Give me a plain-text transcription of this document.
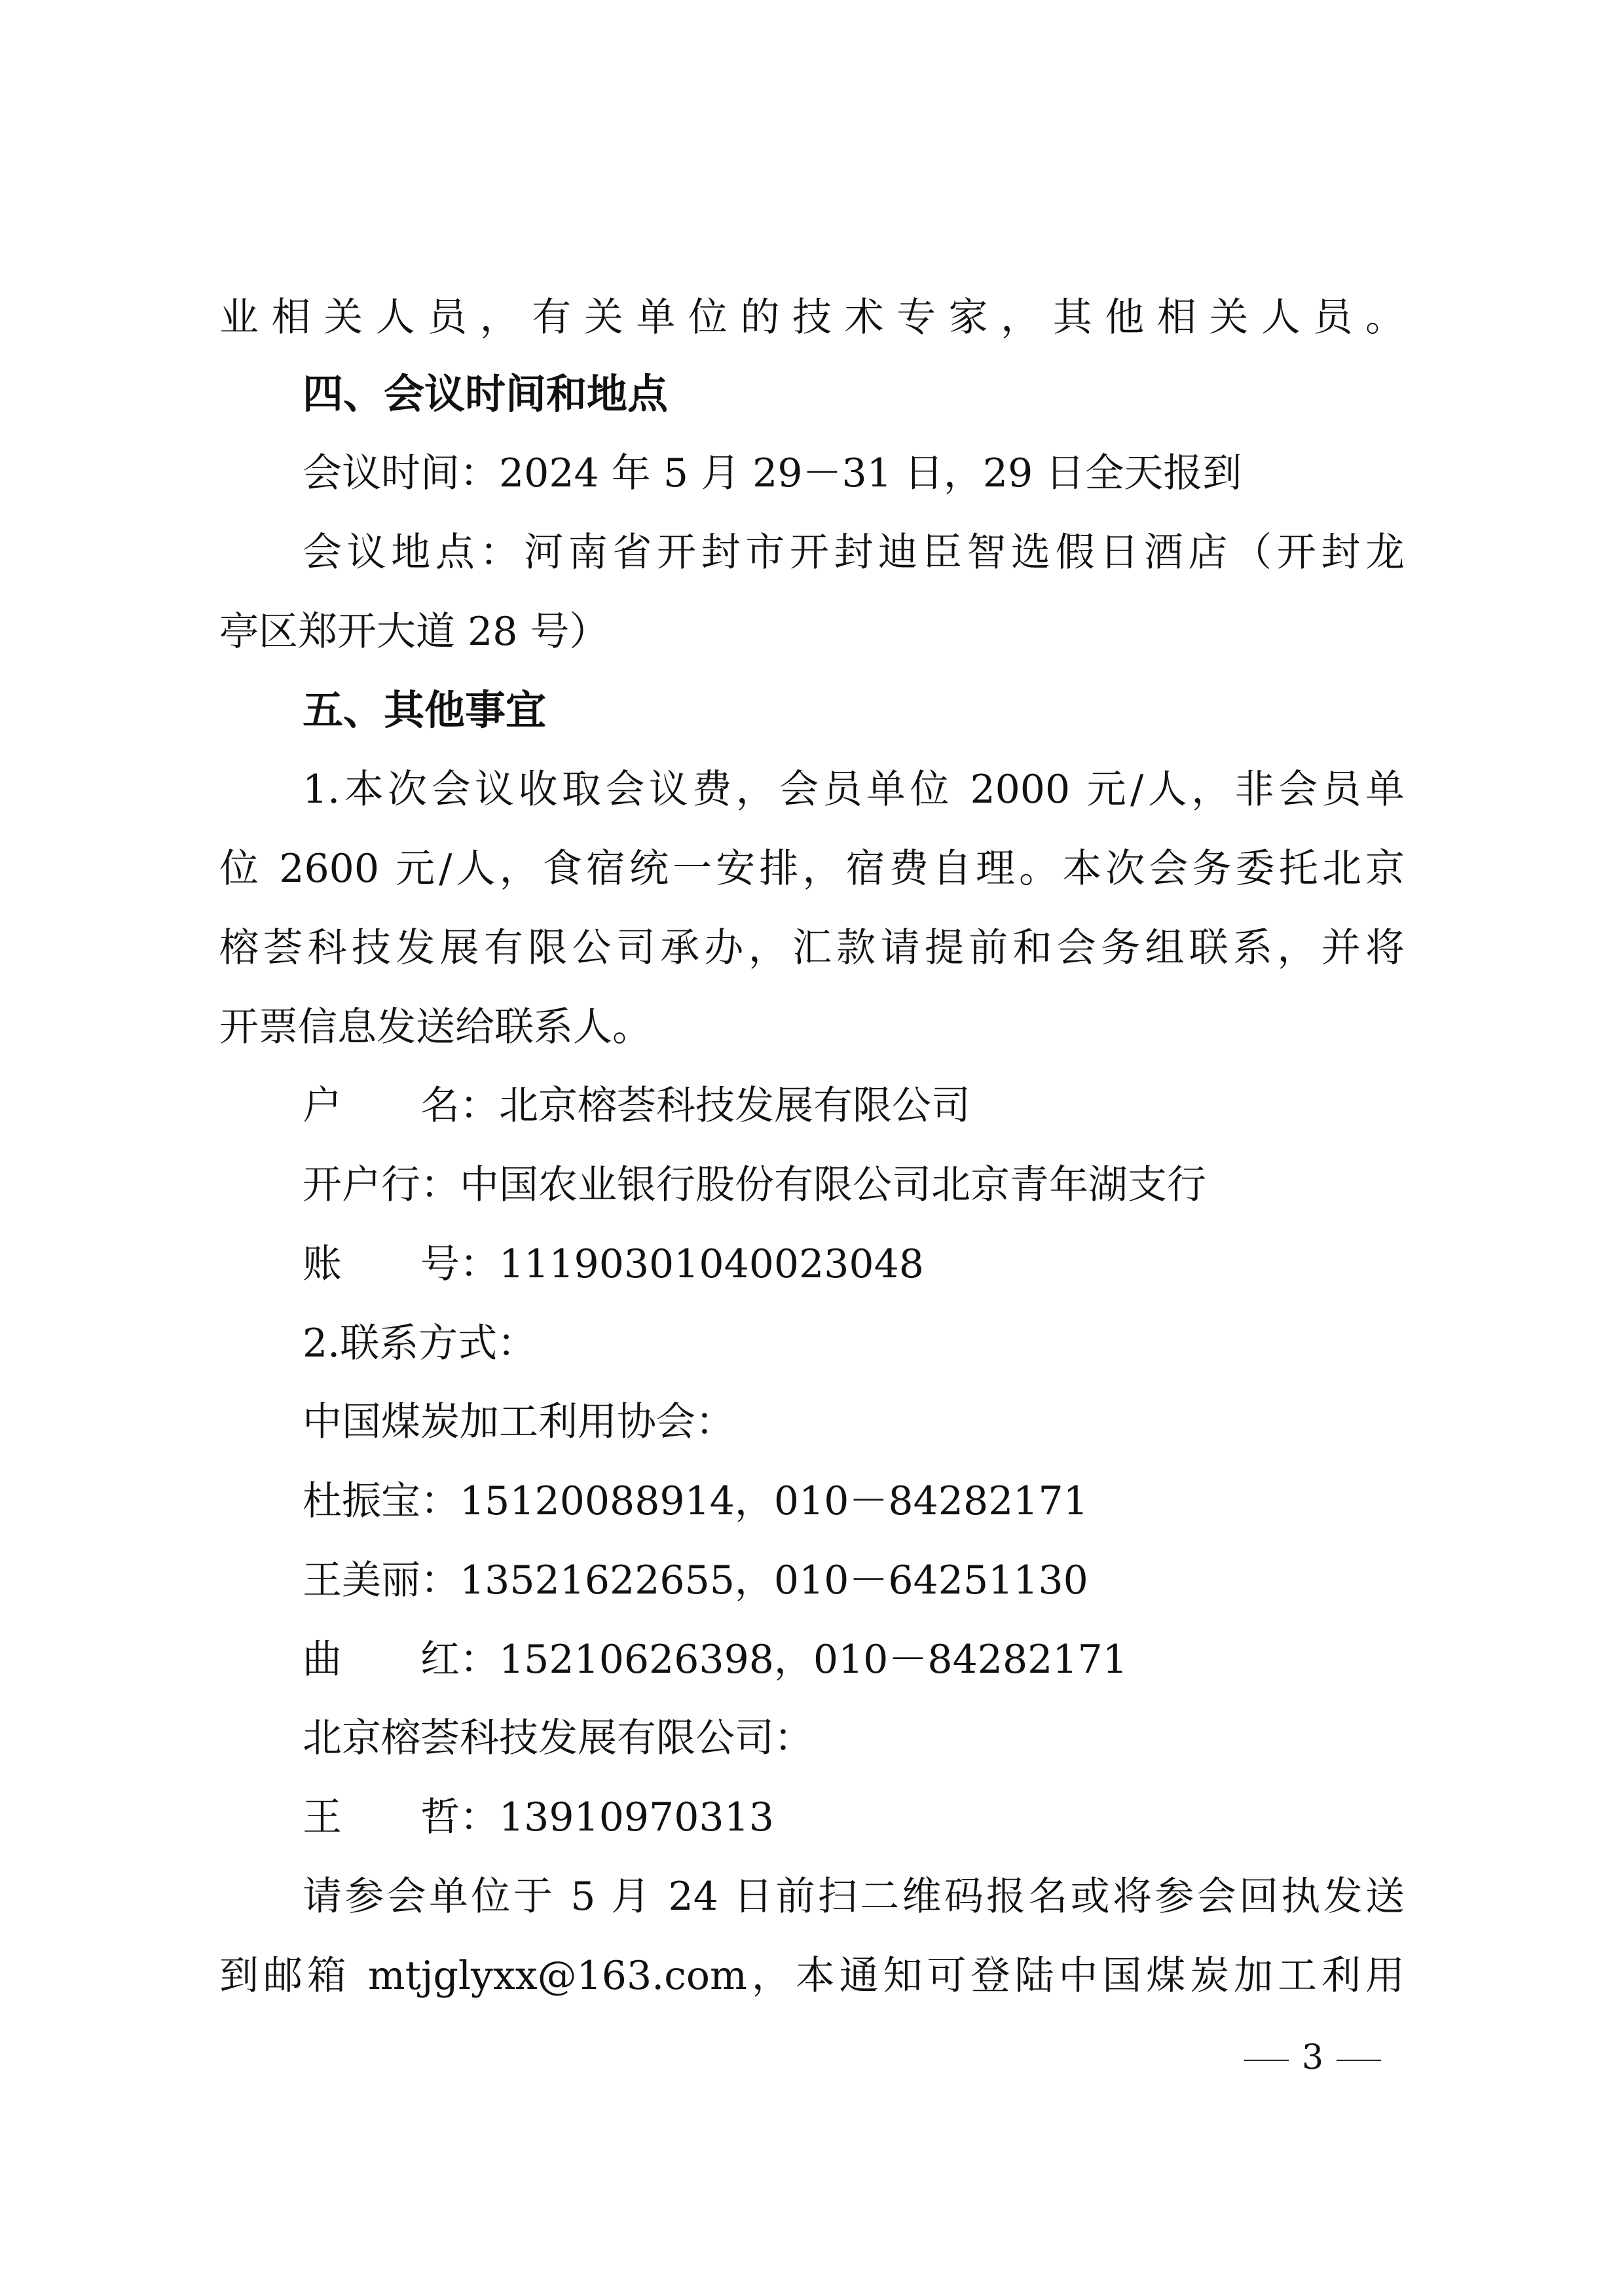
业相关人员，有关单位的技术专家，其他相关人员。
四、会议时间和地点
会议时间：2024 年 5 月 29－31 日，29 日全天报到
会议地点：河南省开封市开封迪臣智选假日酒店（开封龙
亭区郑开大道 28 号）
五、其他事宜
1.本次会议收取会议费，会员单位 2000 元/人，非会员单
位 2600 元/人，食宿统一安排，宿费自理。本次会务委托北京
榕荟科技发展有限公司承办，汇款请提前和会务组联系，并将
开票信息发送给联系人。
户名：北京榕荟科技发展有限公司
开户行：中国农业银行股份有限公司北京青年湖支行
账号：11190301040023048
2.联系方式：
中国煤炭加工利用协会：
杜振宝：15120088914，010－84282171
王美丽：13521622655，010－64251130
曲红：15210626398，010－84282171
北京榕荟科技发展有限公司：
王哲：13910970313
请参会单位于 5 月 24 日前扫二维码报名或将参会回执发送
到邮箱 mtjglyxx@163.com，本通知可登陆中国煤炭加工利用
3
